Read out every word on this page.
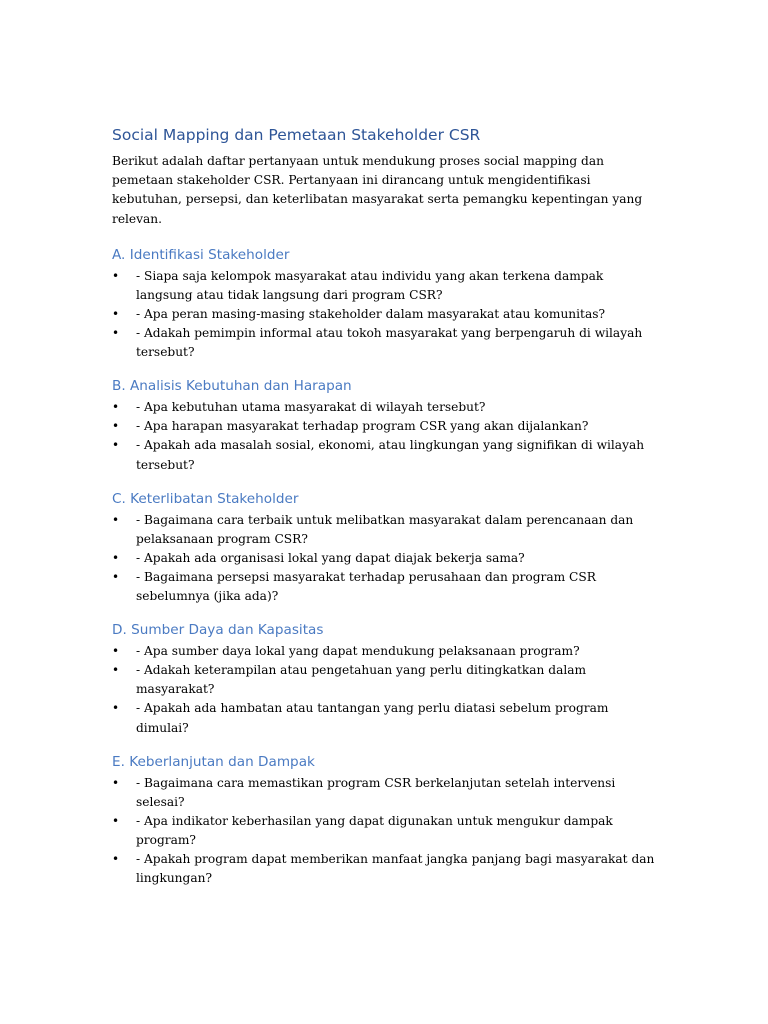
Social Mapping dan Pemetaan Stakeholder CSR

Berikut adalah daftar pertanyaan untuk mendukung proses social mapping dan pemetaan stakeholder CSR. Pertanyaan ini dirancang untuk mengidentifikasi kebutuhan, persepsi, dan keterlibatan masyarakat serta pemangku kepentingan yang relevan.

A. Identifikasi Stakeholder
• - Siapa saja kelompok masyarakat atau individu yang akan terkena dampak langsung atau tidak langsung dari program CSR?
• - Apa peran masing-masing stakeholder dalam masyarakat atau komunitas?
• - Adakah pemimpin informal atau tokoh masyarakat yang berpengaruh di wilayah tersebut?
B. Analisis Kebutuhan dan Harapan
• - Apa kebutuhan utama masyarakat di wilayah tersebut?
• - Apa harapan masyarakat terhadap program CSR yang akan dijalankan?
• - Apakah ada masalah sosial, ekonomi, atau lingkungan yang signifikan di wilayah tersebut?
C. Keterlibatan Stakeholder
• - Bagaimana cara terbaik untuk melibatkan masyarakat dalam perencanaan dan pelaksanaan program CSR?
• - Apakah ada organisasi lokal yang dapat diajak bekerja sama?
• - Bagaimana persepsi masyarakat terhadap perusahaan dan program CSR sebelumnya (jika ada)?
D. Sumber Daya dan Kapasitas
• - Apa sumber daya lokal yang dapat mendukung pelaksanaan program?
• - Adakah keterampilan atau pengetahuan yang perlu ditingkatkan dalam masyarakat?
• - Apakah ada hambatan atau tantangan yang perlu diatasi sebelum program dimulai?
E. Keberlanjutan dan Dampak
• - Bagaimana cara memastikan program CSR berkelanjutan setelah intervensi selesai?
• - Apa indikator keberhasilan yang dapat digunakan untuk mengukur dampak program?
• - Apakah program dapat memberikan manfaat jangka panjang bagi masyarakat dan lingkungan?
